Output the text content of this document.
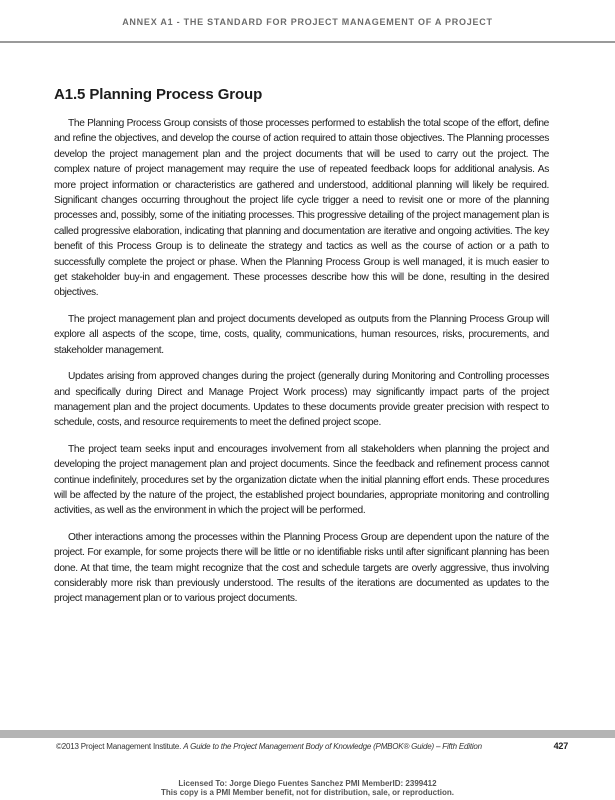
ANNEX A1 - THE STANDARD FOR PROJECT MANAGEMENT OF A PROJECT
A1.5 Planning Process Group

The Planning Process Group consists of those processes performed to establish the total scope of the effort, define and refine the objectives, and develop the course of action required to attain those objectives. The Planning processes develop the project management plan and the project documents that will be used to carry out the project. The complex nature of project management may require the use of repeated feedback loops for additional analysis. As more project information or characteristics are gathered and understood, additional planning will likely be required. Significant changes occurring throughout the project life cycle trigger a need to revisit one or more of the planning processes and, possibly, some of the initiating processes. This progressive detailing of the project management plan is called progressive elaboration, indicating that planning and documentation are iterative and ongoing activities. The key benefit of this Process Group is to delineate the strategy and tactics as well as the course of action or a path to successfully complete the project or phase. When the Planning Process Group is well managed, it is much easier to get stakeholder buy-in and engagement. These processes describe how this will be done, resulting in the desired objectives.

The project management plan and project documents developed as outputs from the Planning Process Group will explore all aspects of the scope, time, costs, quality, communications, human resources, risks, procurements, and stakeholder management.

Updates arising from approved changes during the project (generally during Monitoring and Controlling processes and specifically during Direct and Manage Project Work process) may significantly impact parts of the project management plan and the project documents. Updates to these documents provide greater precision with respect to schedule, costs, and resource requirements to meet the defined project scope.

The project team seeks input and encourages involvement from all stakeholders when planning the project and developing the project management plan and project documents. Since the feedback and refinement process cannot continue indefinitely, procedures set by the organization dictate when the initial planning effort ends. These procedures will be affected by the nature of the project, the established project boundaries, appropriate monitoring and controlling activities, as well as the environment in which the project will be performed.

Other interactions among the processes within the Planning Process Group are dependent upon the nature of the project. For example, for some projects there will be little or no identifiable risks until after significant planning has been done. At that time, the team might recognize that the cost and schedule targets are overly aggressive, thus involving considerably more risk than previously understood. The results of the iterations are documented as updates to the project management plan or to various project documents.

©2013 Project Management Institute. A Guide to the Project Management Body of Knowledge (PMBOK® Guide) – Fifth Edition	427
Licensed To: Jorge Diego Fuentes Sanchez PMI MemberID: 2399412
This copy is a PMI Member benefit, not for distribution, sale, or reproduction.
